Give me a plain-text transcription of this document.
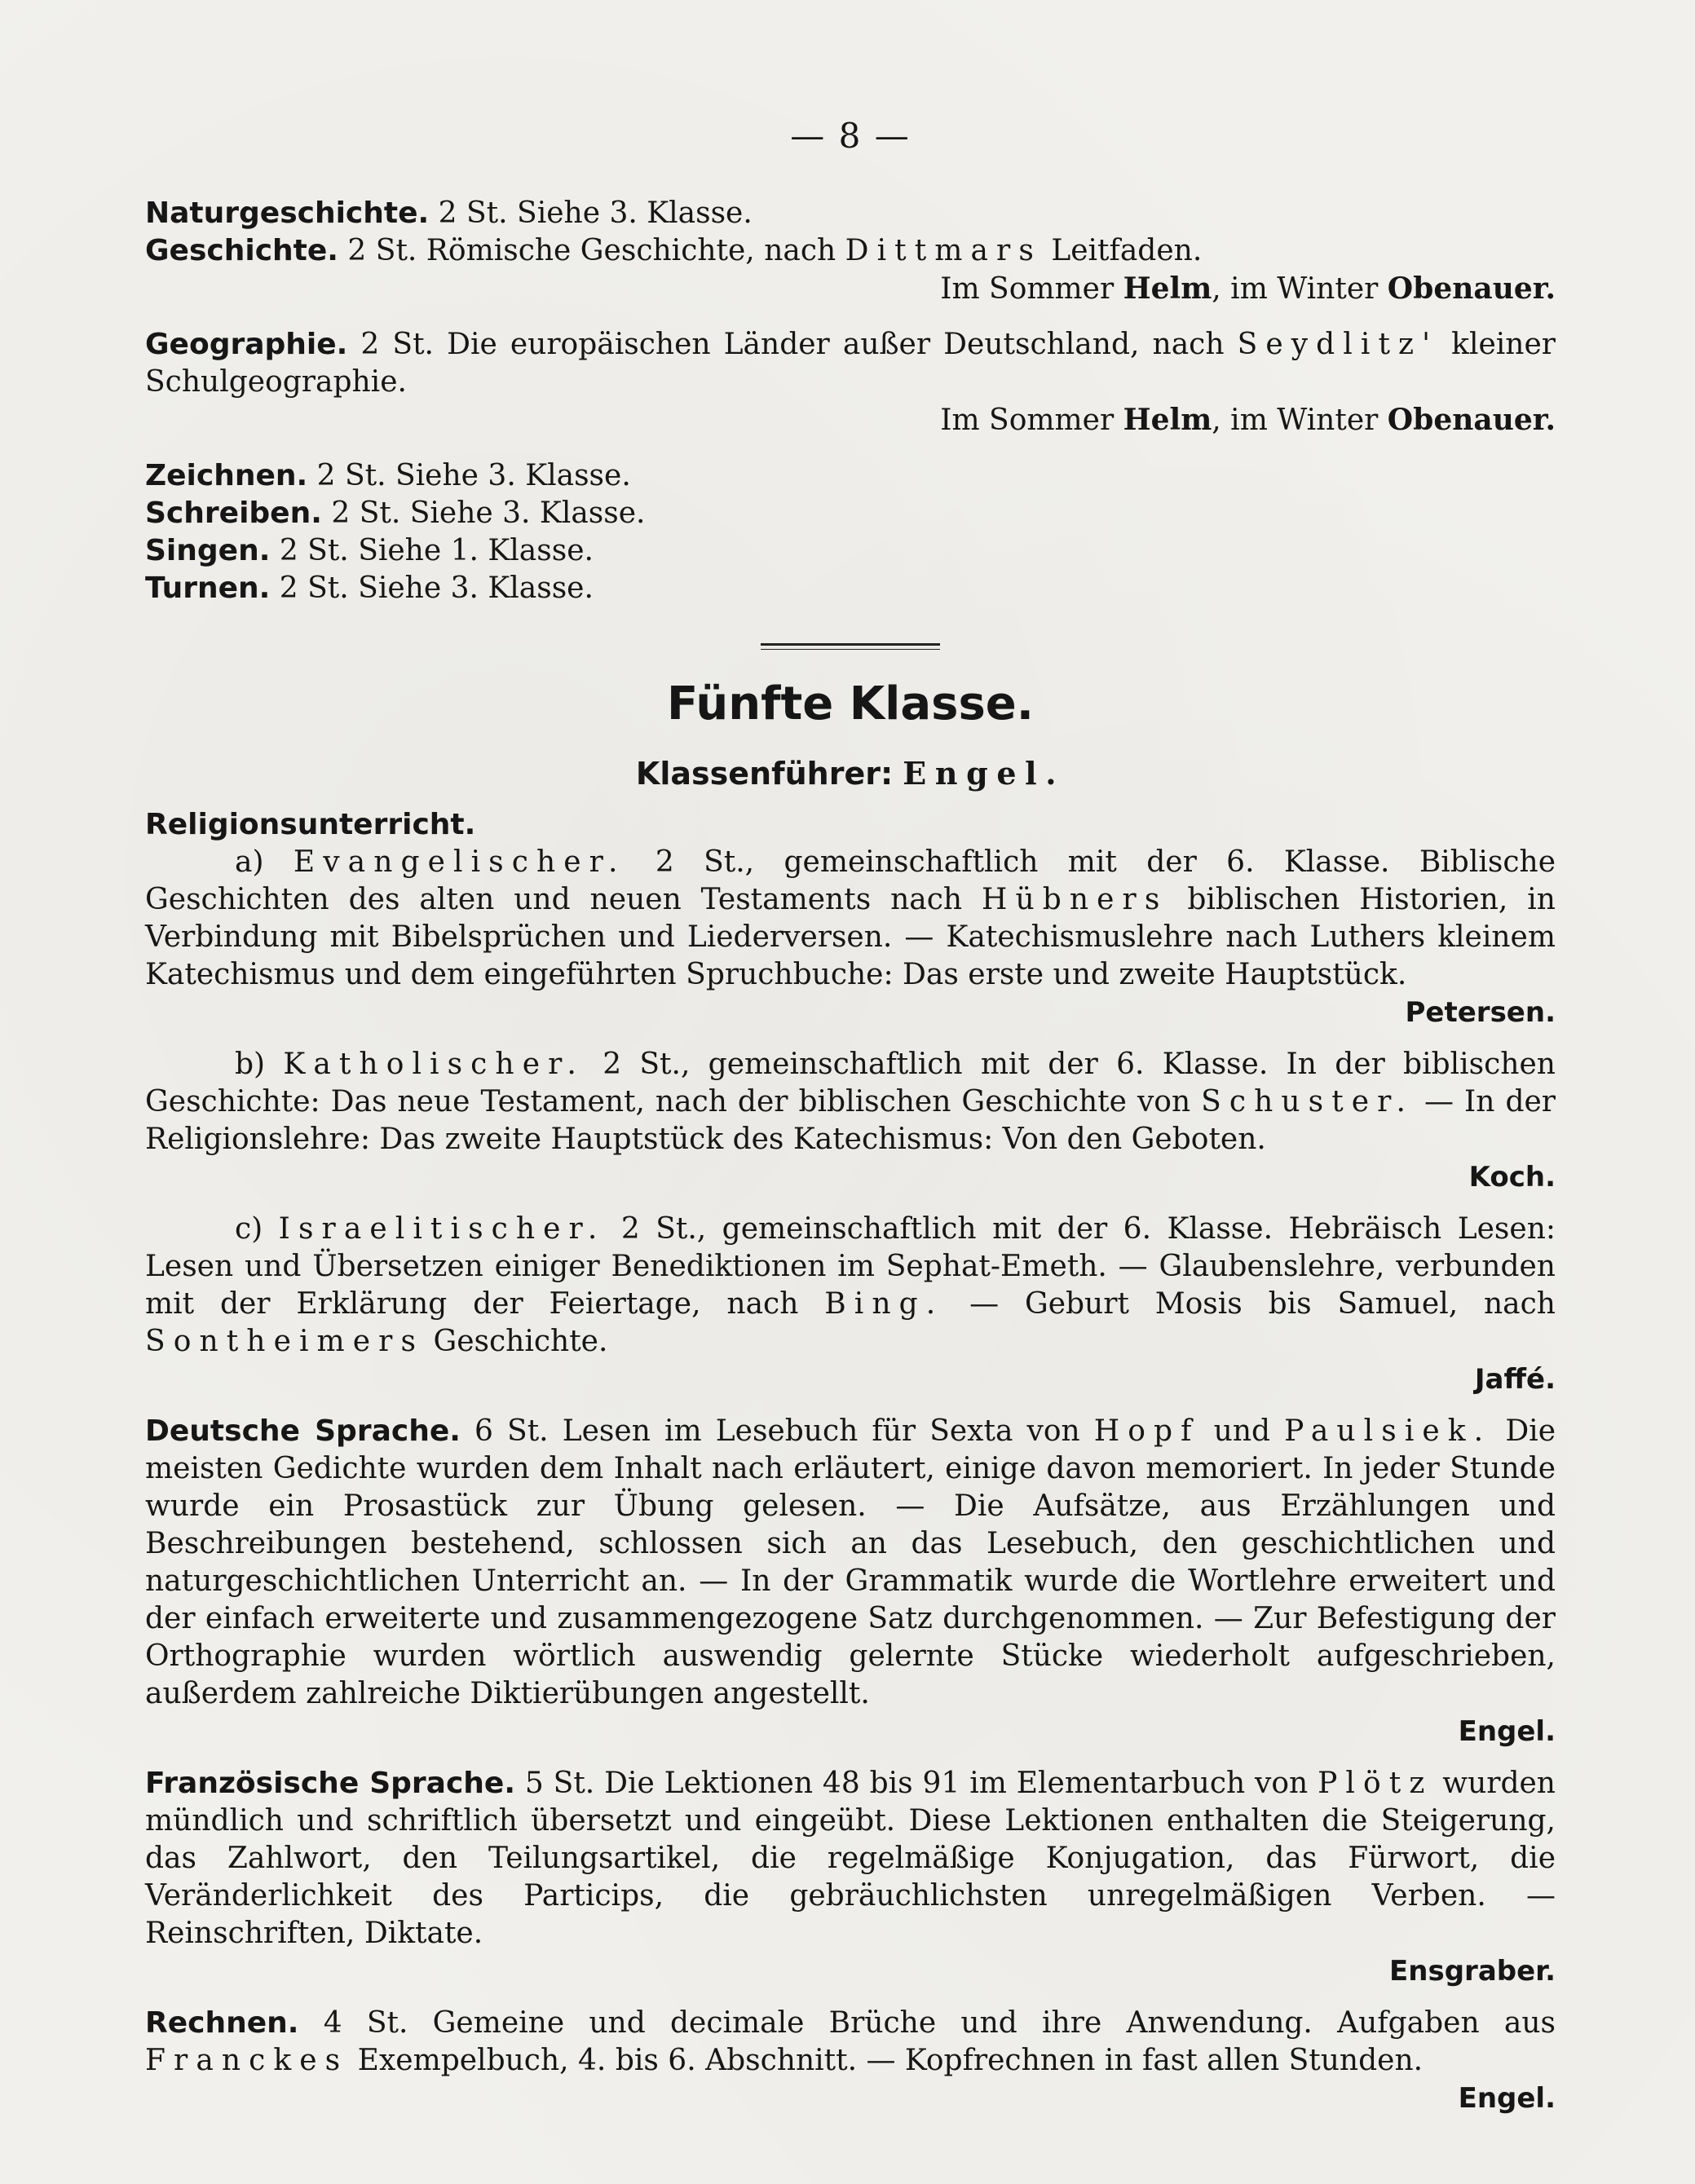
— 8 —

Naturgeschichte. 2 St. Siehe 3. Klasse.

Geschichte. 2 St. Römische Geschichte, nach Dittmars Leitfaden.

Im Sommer Helm, im Winter Obenauer.

Geographie. 2 St. Die europäischen Länder außer Deutschland, nach Seydlitz' kleiner Schulgeographie.

Im Sommer Helm, im Winter Obenauer.

Zeichnen. 2 St. Siehe 3. Klasse.

Schreiben. 2 St. Siehe 3. Klasse.

Singen. 2 St. Siehe 1. Klasse.

Turnen. 2 St. Siehe 3. Klasse.

Fünfte Klasse.
Klassenführer: Engel.

Religionsunterricht.

a) Evangelischer. 2 St., gemeinschaftlich mit der 6. Klasse. Biblische Geschichten des alten und neuen Testaments nach Hübners biblischen Historien, in Verbindung mit Bibelsprüchen und Liederversen. — Katechismuslehre nach Luthers kleinem Katechismus und dem eingeführten Spruchbuche: Das erste und zweite Hauptstück.

Petersen.

b) Katholischer. 2 St., gemeinschaftlich mit der 6. Klasse. In der biblischen Geschichte: Das neue Testament, nach der biblischen Geschichte von Schuster. — In der Religionslehre: Das zweite Hauptstück des Katechismus: Von den Geboten.

Koch.

c) Israelitischer. 2 St., gemeinschaftlich mit der 6. Klasse. Hebräisch Lesen: Lesen und Übersetzen einiger Benediktionen im Sephat-Emeth. — Glaubenslehre, verbunden mit der Erklärung der Feiertage, nach Bing. — Geburt Mosis bis Samuel, nach Sontheimers Geschichte.

Jaffé.

Deutsche Sprache. 6 St. Lesen im Lesebuch für Sexta von Hopf und Paulsiek. Die meisten Gedichte wurden dem Inhalt nach erläutert, einige davon memoriert. In jeder Stunde wurde ein Prosastück zur Übung gelesen. — Die Aufsätze, aus Erzählungen und Beschreibungen bestehend, schlossen sich an das Lesebuch, den geschichtlichen und naturgeschichtlichen Unterricht an. — In der Grammatik wurde die Wortlehre erweitert und der einfach erweiterte und zusammengezogene Satz durchgenommen. — Zur Befestigung der Orthographie wurden wörtlich auswendig gelernte Stücke wiederholt aufgeschrieben, außerdem zahlreiche Diktierübungen angestellt.

Engel.

Französische Sprache. 5 St. Die Lektionen 48 bis 91 im Elementarbuch von Plötz wurden mündlich und schriftlich übersetzt und eingeübt. Diese Lektionen enthalten die Steigerung, das Zahlwort, den Teilungsartikel, die regelmäßige Konjugation, das Fürwort, die Veränderlichkeit des Particips, die gebräuchlichsten unregelmäßigen Verben. — Reinschriften, Diktate.

Ensgraber.

Rechnen. 4 St. Gemeine und decimale Brüche und ihre Anwendung. Aufgaben aus Franckes Exempelbuch, 4. bis 6. Abschnitt. — Kopfrechnen in fast allen Stunden.

Engel.
